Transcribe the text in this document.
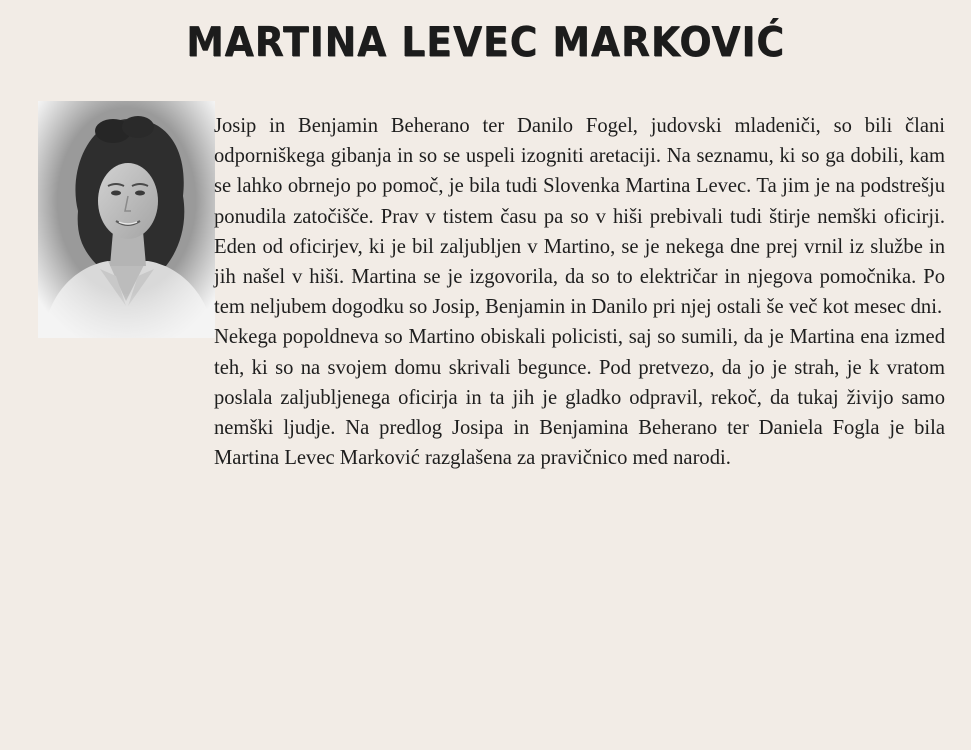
MARTINA LEVEC MARKOVIĆ

Josip in Benjamin Beherano ter Danilo Fogel, judovski mladeniči, so bili člani odporniškega gibanja in so se uspeli izogniti aretaciji. Na seznamu, ki so ga dobili, kam se lahko obrnejo po pomoč, je bila tudi Slovenka Martina Levec. Ta jim je na podstrešju ponudila zatočišče. Prav v tistem času pa so v hiši prebivali tudi štirje nemški oficirji. Eden od oficirjev, ki je bil zaljubljen v Martino, se je nekega dne prej vrnil iz službe in jih našel v hiši. Martina se je izgovorila, da so to električar in njegova pomočnika. Po tem neljubem dogodku so Josip, Benjamin in Danilo pri njej ostali še več kot mesec dni.

Nekega popoldneva so Martino obiskali policisti, saj so sumili, da je Martina ena izmed teh, ki so na svojem domu skrivali begunce. Pod pretvezo, da jo je strah, je k vratom poslala zaljubljenega oficirja in ta jih je gladko odpravil, rekoč, da tukaj živijo samo nemški ljudje. Na predlog Josipa in Benjamina Beherano ter Daniela Fogla je bila Martina Levec Marković razglašena za pravičnico med narodi.
